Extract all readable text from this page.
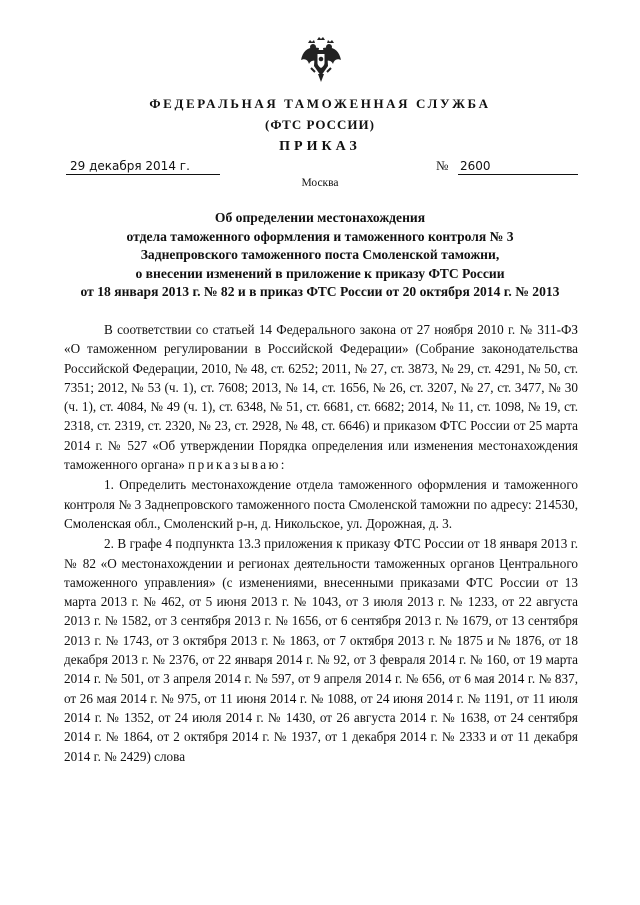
ФЕДЕРАЛЬНАЯ ТАМОЖЕННАЯ СЛУЖБА
(ФТС РОССИИ)
ПРИКАЗ
29 декабря 2014 г.	№ 2600
Москва
Об определении местонахождения
отдела таможенного оформления и таможенного контроля № 3
Заднепровского таможенного поста Смоленской таможни,
о внесении изменений в приложение к приказу ФТС России
от 18 января 2013 г. № 82 и в приказ ФТС России от 20 октября 2014 г. № 2013

В соответствии со статьей 14 Федерального закона от 27 ноября 2010 г. № 311-ФЗ «О таможенном регулировании в Российской Федерации» (Собрание законодательства Российской Федерации, 2010, № 48, ст. 6252; 2011, № 27, ст. 3873, № 29, ст. 4291, № 50, ст. 7351; 2012, № 53 (ч. 1), ст. 7608; 2013, № 14, ст. 1656, № 26, ст. 3207, № 27, ст. 3477, № 30 (ч. 1), ст. 4084, № 49 (ч. 1), ст. 6348, № 51, ст. 6681, ст. 6682; 2014, № 11, ст. 1098, № 19, ст. 2318, ст. 2319, ст. 2320, № 23, ст. 2928, № 48, ст. 6646) и приказом ФТС России от 25 марта 2014 г. № 527 «Об утверждении Порядка определения или изменения местонахождения таможенного органа» приказываю:

1. Определить местонахождение отдела таможенного оформления и таможенного контроля № 3 Заднепровского таможенного поста Смоленской таможни по адресу: 214530, Смоленская обл., Смоленский р-н, д. Никольское, ул. Дорожная, д. 3.

2. В графе 4 подпункта 13.3 приложения к приказу ФТС России от 18 января 2013 г. № 82 «О местонахождении и регионах деятельности таможенных органов Центрального таможенного управления» (с изменениями, внесенными приказами ФТС России от 13 марта 2013 г. № 462, от 5 июня 2013 г. № 1043, от 3 июля 2013 г. № 1233, от 22 августа 2013 г. № 1582, от 3 сентября 2013 г. № 1656, от 6 сентября 2013 г. № 1679, от 13 сентября 2013 г. № 1743, от 3 октября 2013 г. № 1863, от 7 октября 2013 г. № 1875 и № 1876, от 18 декабря 2013 г. № 2376, от 22 января 2014 г. № 92, от 3 февраля 2014 г. № 160, от 19 марта 2014 г. № 501, от 3 апреля 2014 г. № 597, от 9 апреля 2014 г. № 656, от 6 мая 2014 г. № 837, от 26 мая 2014 г. № 975, от 11 июня 2014 г. № 1088, от 24 июня 2014 г. № 1191, от 11 июля 2014 г. № 1352, от 24 июля 2014 г. № 1430, от 26 августа 2014 г. № 1638, от 24 сентября 2014 г. № 1864, от 2 октября 2014 г. № 1937, от 1 декабря 2014 г. № 2333 и от 11 декабря 2014 г. № 2429) слова
